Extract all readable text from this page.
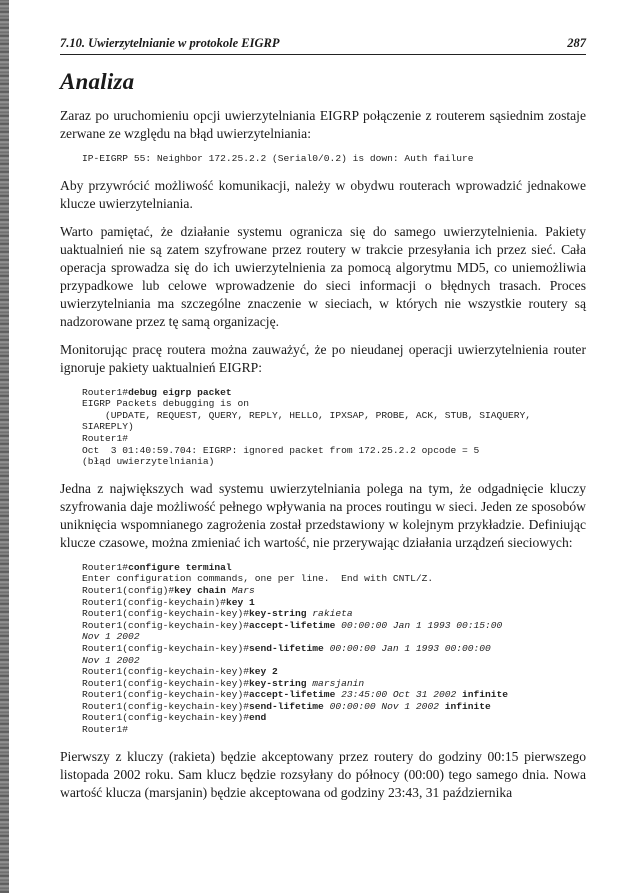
7.10. Uwierzytelnianie w protokole EIGRP	287
Analiza

Zaraz po uruchomieniu opcji uwierzytelniania EIGRP połączenie z routerem sąsiednim zostaje zerwane ze względu na błąd uwierzytelniania:

IP-EIGRP 55: Neighbor 172.25.2.2 (Serial0/0.2) is down: Auth failure

Aby przywrócić możliwość komunikacji, należy w obydwu routerach wprowadzić jednakowe klucze uwierzytelniania.

Warto pamiętać, że działanie systemu ogranicza się do samego uwierzytelnienia. Pakiety uaktualnień nie są zatem szyfrowane przez routery w trakcie przesyłania ich przez sieć. Cała operacja sprowadza się do ich uwierzytelnienia za pomocą algorytmu MD5, co uniemożliwia przypadkowe lub celowe wprowadzenie do sieci informacji o błędnych trasach. Proces uwierzytelniania ma szczególne znaczenie w sieciach, w których nie wszystkie routery są nadzorowane przez tę samą organizację.

Monitorując pracę routera można zauważyć, że po nieudanej operacji uwierzytelnienia router ignoruje pakiety uaktualnień EIGRP:

Router1#debug eigrp packet
EIGRP Packets debugging is on
(UPDATE, REQUEST, QUERY, REPLY, HELLO, IPXSAP, PROBE, ACK, STUB, SIAQUERY,
SIAREPLY)
Router1#
Oct  3 01:40:59.704: EIGRP: ignored packet from 172.25.2.2 opcode = 5
(błąd uwierzytelniania)

Jedna z największych wad systemu uwierzytelniania polega na tym, że odgadnięcie kluczy szyfrowania daje możliwość pełnego wpływania na proces routingu w sieci. Jeden ze sposobów uniknięcia wspomnianego zagrożenia został przedstawiony w kolejnym przykładzie. Definiując klucze czasowe, można zmieniać ich wartość, nie przerywając działania urządzeń sieciowych:

Router1#configure terminal
Enter configuration commands, one per line.  End with CNTL/Z.
Router1(config)#key chain Mars
Router1(config-keychain)#key 1
Router1(config-keychain-key)#key-string rakieta
Router1(config-keychain-key)#accept-lifetime 00:00:00 Jan 1 1993 00:15:00
Nov 1 2002
Router1(config-keychain-key)#send-lifetime 00:00:00 Jan 1 1993 00:00:00
Nov 1 2002
Router1(config-keychain-key)#key 2
Router1(config-keychain-key)#key-string marsjanin
Router1(config-keychain-key)#accept-lifetime 23:45:00 Oct 31 2002 infinite
Router1(config-keychain-key)#send-lifetime 00:00:00 Nov 1 2002 infinite
Router1(config-keychain-key)#end
Router1#

Pierwszy z kluczy (rakieta) będzie akceptowany przez routery do godziny 00:15 pierwszego listopada 2002 roku. Sam klucz będzie rozsyłany do północy (00:00) tego samego dnia. Nowa wartość klucza (marsjanin) będzie akceptowana od godziny 23:43, 31 października
